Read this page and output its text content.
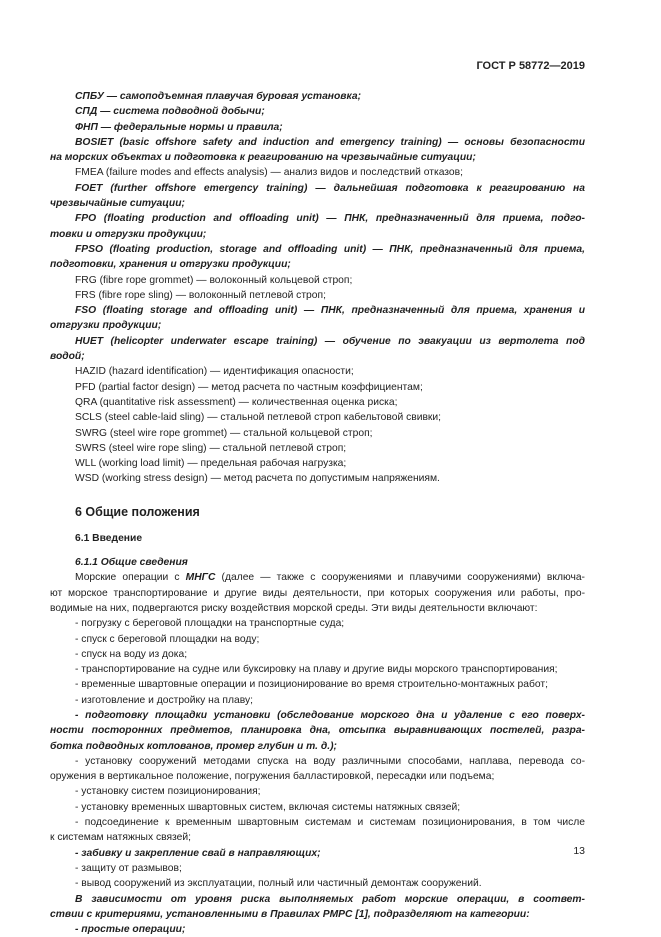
ГОСТ Р 58772—2019
СПБУ — самоподъемная плавучая буровая установка;
СПД — система подводной добычи;
ФНП — федеральные нормы и правила;
BOSIET (basic offshore safety and induction and emergency training) — основы безопасности
на морских объектах и подготовка к реагированию на чрезвычайные ситуации;
FMEA (failure modes and effects analysis) — анализ видов и последствий отказов;
FOET (further offshore emergency training) — дальнейшая подготовка к реагированию на
чрезвычайные ситуации;
FPO (floating production and offloading unit) — ПНК, предназначенный для приема, подго-
товки и отгрузки продукции;
FPSO (floating production, storage and offloading unit) — ПНК, предназначенный для приема,
подготовки, хранения и отгрузки продукции;
FRG (fibre rope grommet) — волоконный кольцевой строп;
FRS (fibre rope sling) — волоконный петлевой строп;
FSO (floating storage and offloading unit) — ПНК, предназначенный для приема, хранения и
отгрузки продукции;
HUET (helicopter underwater escape training) — обучение по эвакуации из вертолета под
водой;
HAZID (hazard identification) — идентификация опасности;
PFD (partial factor design) — метод расчета по частным коэффициентам;
QRA (quantitative risk assessment) — количественная оценка риска;
SCLS (steel cable-laid sling) — стальной петлевой строп кабельтовой свивки;
SWRG (steel wire rope grommet) — стальной кольцевой строп;
SWRS (steel wire rope sling) — стальной петлевой строп;
WLL (working load limit) — предельная рабочая нагрузка;
WSD (working stress design) — метод расчета по допустимым напряжениям.
6 Общие положения
6.1 Введение
6.1.1 Общие сведения
Морские операции с МНГС (далее — также с сооружениями и плавучими сооружениями) включа-
ют морское транспортирование и другие виды деятельности, при которых сооружения или работы, про-
водимые на них, подвергаются риску воздействия морской среды. Эти виды деятельности включают:
- погрузку с береговой площадки на транспортные суда;
- спуск с береговой площадки на воду;
- спуск на воду из дока;
- транспортирование на судне или буксировку на плаву и другие виды морского транспортирования;
- временные швартовные операции и позиционирование во время строительно-монтажных работ;
- изготовление и достройку на плаву;
- подготовку площадки установки (обследование морского дна и удаление с его поверх-
ности посторонних предметов, планировка дна, отсыпка выравнивающих постелей, разра-
ботка подводных котлованов, промер глубин и т. д.);
- установку сооружений методами спуска на воду различными способами, наплава, перевода со-
оружения в вертикальное положение, погружения балластировкой, пересадки или подъема;
- установку систем позиционирования;
- установку временных швартовных систем, включая системы натяжных связей;
- подсоединение к временным швартовным системам и системам позиционирования, в том числе
к системам натяжных связей;
- забивку и закрепление свай в направляющих;
- защиту от размывов;
- вывод сооружений из эксплуатации, полный или частичный демонтаж сооружений.
В зависимости от уровня риска выполняемых работ морские операции, в соответ-
ствии с критериями, установленными в Правилах РМРС [1], подразделяют на категории:
- простые операции;
13
